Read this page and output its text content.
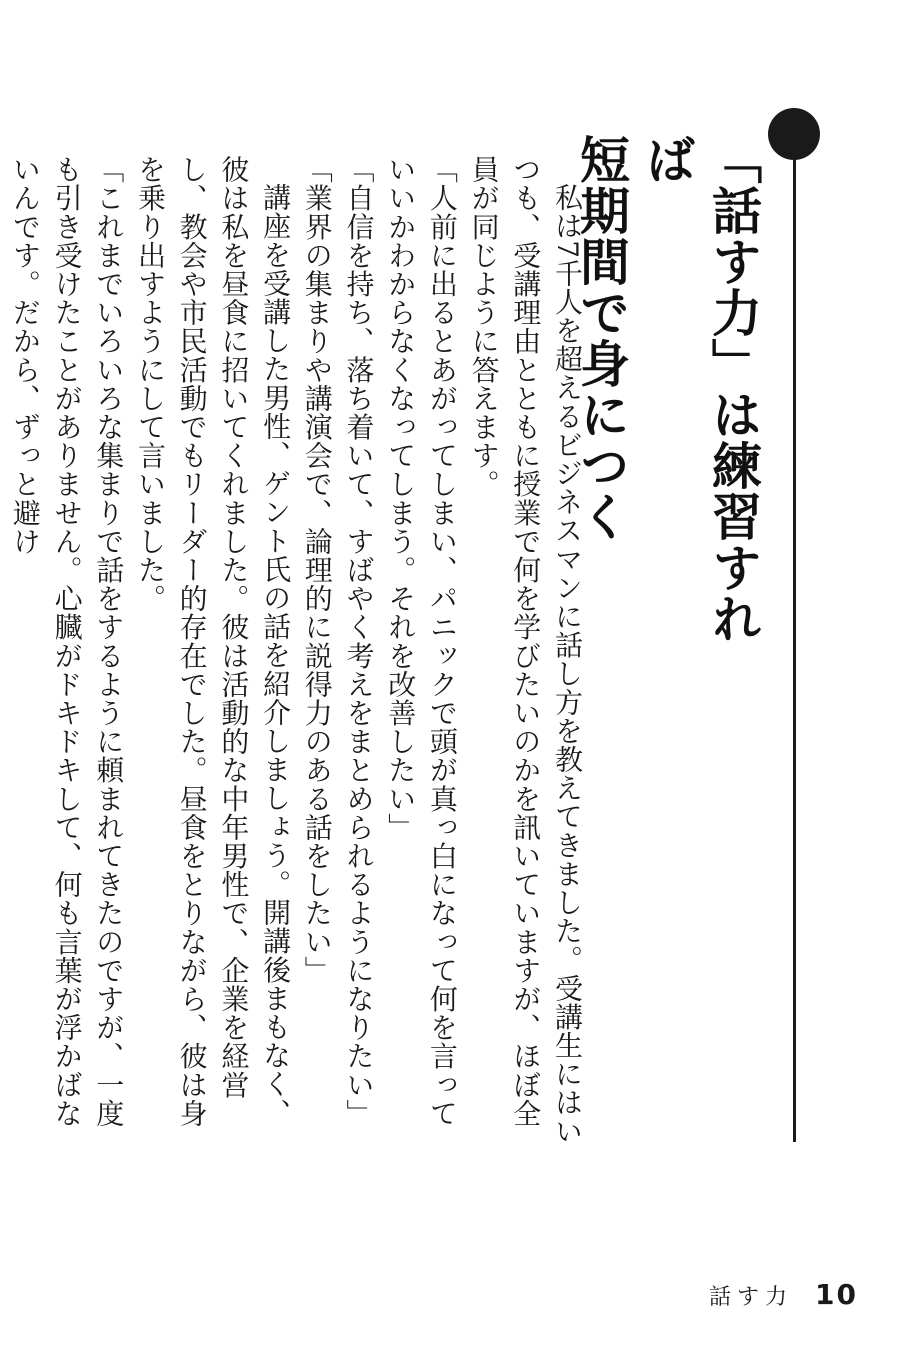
「話す力」は練習すれば
短期間で身につく

私は7千人を超えるビジネスマンに話し方を教えてきました。受講生にはいつも、受講理由とともに授業で何を学びたいのかを訊いていますが、ほぼ全員が同じように答えます。

「人前に出るとあがってしまい、パニックで頭が真っ白になって何を言っていいかわからなくなってしまう。それを改善したい」

「自信を持ち、落ち着いて、すばやく考えをまとめられるようになりたい」

「業界の集まりや講演会で、論理的に説得力のある話をしたい」

講座を受講した男性、ゲント氏の話を紹介しましょう。開講後まもなく、彼は私を昼食に招いてくれました。彼は活動的な中年男性で、企業を経営し、教会や市民活動でもリーダー的存在でした。昼食をとりながら、彼は身を乗り出すようにして言いました。

「これまでいろいろな集まりで話をするように頼まれてきたのですが、一度も引き受けたことがありません。心臓がドキドキして、何も言葉が浮かばないんです。だから、ずっと避け

話す力 10
